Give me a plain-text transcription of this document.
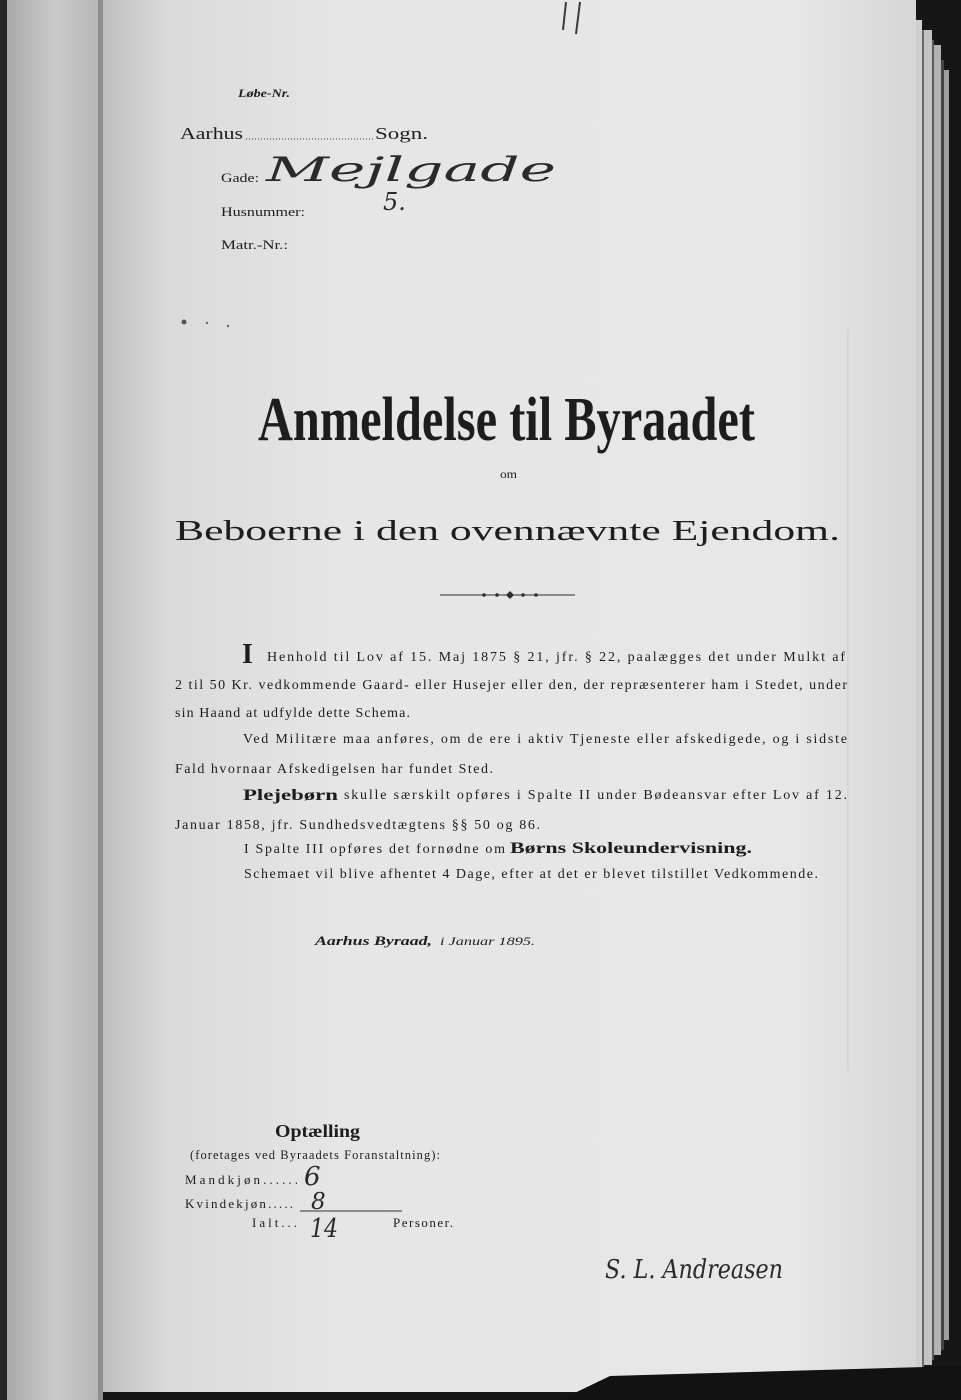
Løbe-Nr.
Aarhus	Sogn.
Gade: Mejlgade
Husnummer:	5.
Matr.-Nr.:
Anmeldelse til Byraadet
om
Beboerne i den ovennævnte Ejendom.
I Henhold til Lov af 15. Maj 1875 § 21, jfr. § 22, paalægges det under Mulkt af
2 til 50 Kr. vedkommende Gaard- eller Husejer eller den, der repræsenterer ham i Stedet, under
sin Haand at udfylde dette Schema.
Ved Militære maa anføres, om de ere i aktiv Tjeneste eller afskedigede, og i sidste
Fald hvornaar Afskedigelsen har fundet Sted.
Plejebørn skulle særskilt opføres i Spalte II under Bødeansvar efter Lov af 12.
Januar 1858, jfr. Sundhedsvedtægtens §§ 50 og 86.
I Spalte III opføres det fornødne om Børns Skoleundervisning.
Schemaet vil blive afhentet 4 Dage, efter at det er blevet tilstillet Vedkommende.
Aarhus Byraad, i Januar 1895.
Optælling
(foretages ved Byraadets Foranstaltning):
Mandkjøn...... 6
Kvindekjøn..... 8
Ialt... 14	Personer.
S. L. Andreasen
